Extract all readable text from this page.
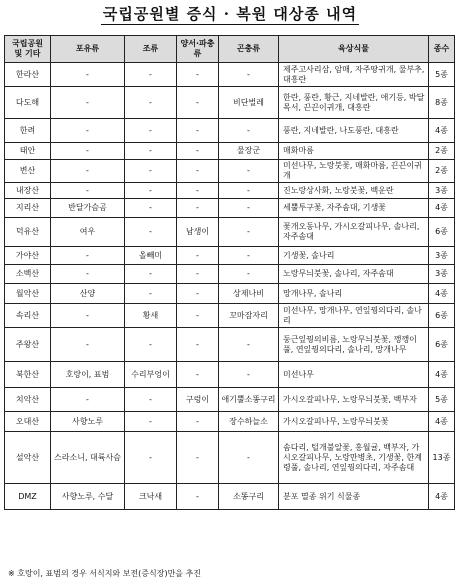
국립공원별 증식 · 복원 대상종 내역
국립공원 및 기타	포유류	조류	양서·파충류	곤충류	육상식물	종수
한라산	-	-	-	-	제주고사리삼, 암매, 자주땅귀개, 물부추, 대흥란	5종
다도해	-	-	-	비단벌레	한란, 풍란, 황근, 지네발란, 애기등, 박달목서, 끈끈이귀개, 대흥란	8종
한려	-	-	-	-	풍란, 지네발란, 나도풍란, 대흥란	4종
태안	-	-	-	물장군	매화마름	2종
변산	-	-	-	-	미선나무, 노랑붓꽃, 매화마름, 끈끈이귀개	2종
내장산	-	-	-	-	진노랑상사화, 노랑붓꽃, 백운란	3종
지리산	반달가슴곰	-	-	-	세뿔투구꽃, 자주솜대, 기생꽃	4종
덕유산	여우	-	남생이	-	꽃개오동나무, 가시오갈피나무, 솔나리, 자주솜대	6종
가야산	-	올빼미	-	-	기생꽃, 솔나리	3종
소백산	-	-	-	-	노랑무늬붓꽃, 솔나리, 자주솜대	3종
월악산	산양	-	-	상제나비	망개나무, 솔나리	4종
속리산	-	황새	-	꼬마잠자리	미선나무, 망개나무, 연잎꿩의다리, 솔나리	6종
주왕산	-	-	-	-	둥근잎꿩의비름, 노랑무늬붓꽃, 깽깽이풀, 연잎꿩의다리, 솔나리, 망개나무	6종
북한산	호랑이, 표범	수리부엉이	-	-	미선나무	4종
치악산	-	-	구렁이	애기뿔소똥구리	가시오갈피나무, 노랑무늬붓꽃, 백부자	5종
오대산	사향노루	-	-	장수하늘소	가시오갈피나무, 노랑무늬붓꽃	4종
설악산	스라소니, 대륙사슴	-	-	-	솜다리, 털개불알꽃, 홍월귤, 백부자, 가시오갈피나무, 노랑만병초, 기생꽃, 한계령풀, 솔나리, 연잎꿩의다리, 자주솜대	13종
DMZ	사향노루, 수달	크낙새	-	소똥구리	분포 멸종 위기 식물종	4종
※ 호랑이, 표범의 경우 서식지와 보전(증식장)만을 추진
